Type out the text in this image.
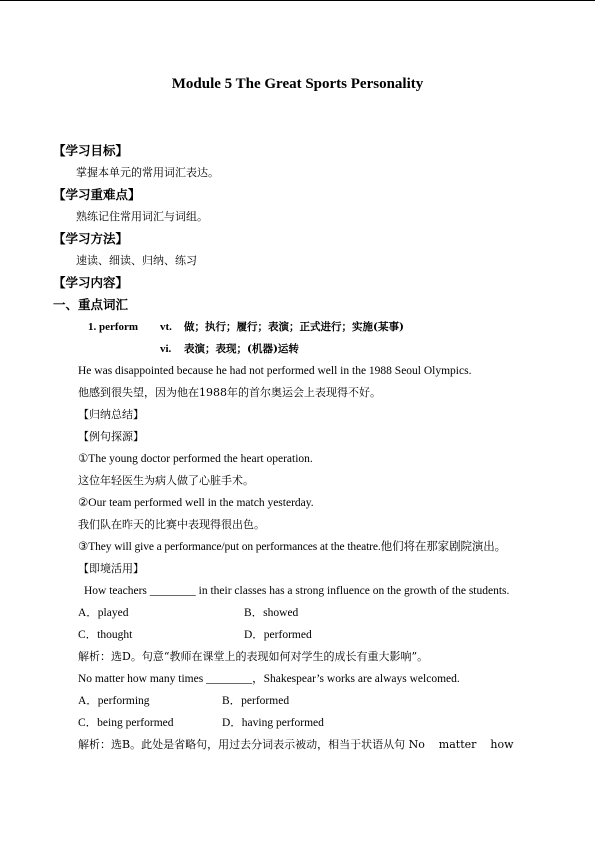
Module 5 The Great Sports Personality
【学习目标】
掌握本单元的常用词汇表达。
【学习重难点】
熟练记住常用词汇与词组。
【学习方法】
速读、细读、归纳、练习
【学习内容】
一、重点词汇
1. perform vt. 做；执行；履行；表演；正式进行；实施(某事)
vi. 表演；表现；(机器)运转
He was disappointed because he had not performed well in the 1988 Seoul Olympics.
他感到很失望，因为他在1988年的首尔奥运会上表现得不好。
【归纳总结】
【例句探源】
①The young doctor performed the heart operation.
这位年轻医生为病人做了心脏手术。
②Our team performed well in the match yesterday.
我们队在昨天的比赛中表现得很出色。
③They will give a performance/put on performances at the theatre.他们将在那家剧院演出。
【即境活用】
How teachers ________ in their classes has a strong influence on the growth of the students.
A．played	B．showed
C．thought	D．performed
解析：选D。句意“教师在课堂上的表现如何对学生的成长有重大影响”。
No matter how many times ________，Shakespear’s works are always welcomed.
A．performing	B．performed
C．being performed	D．having performed
解析：选B。此处是省略句，用过去分词表示被动，相当于状语从句 No    matter    how
